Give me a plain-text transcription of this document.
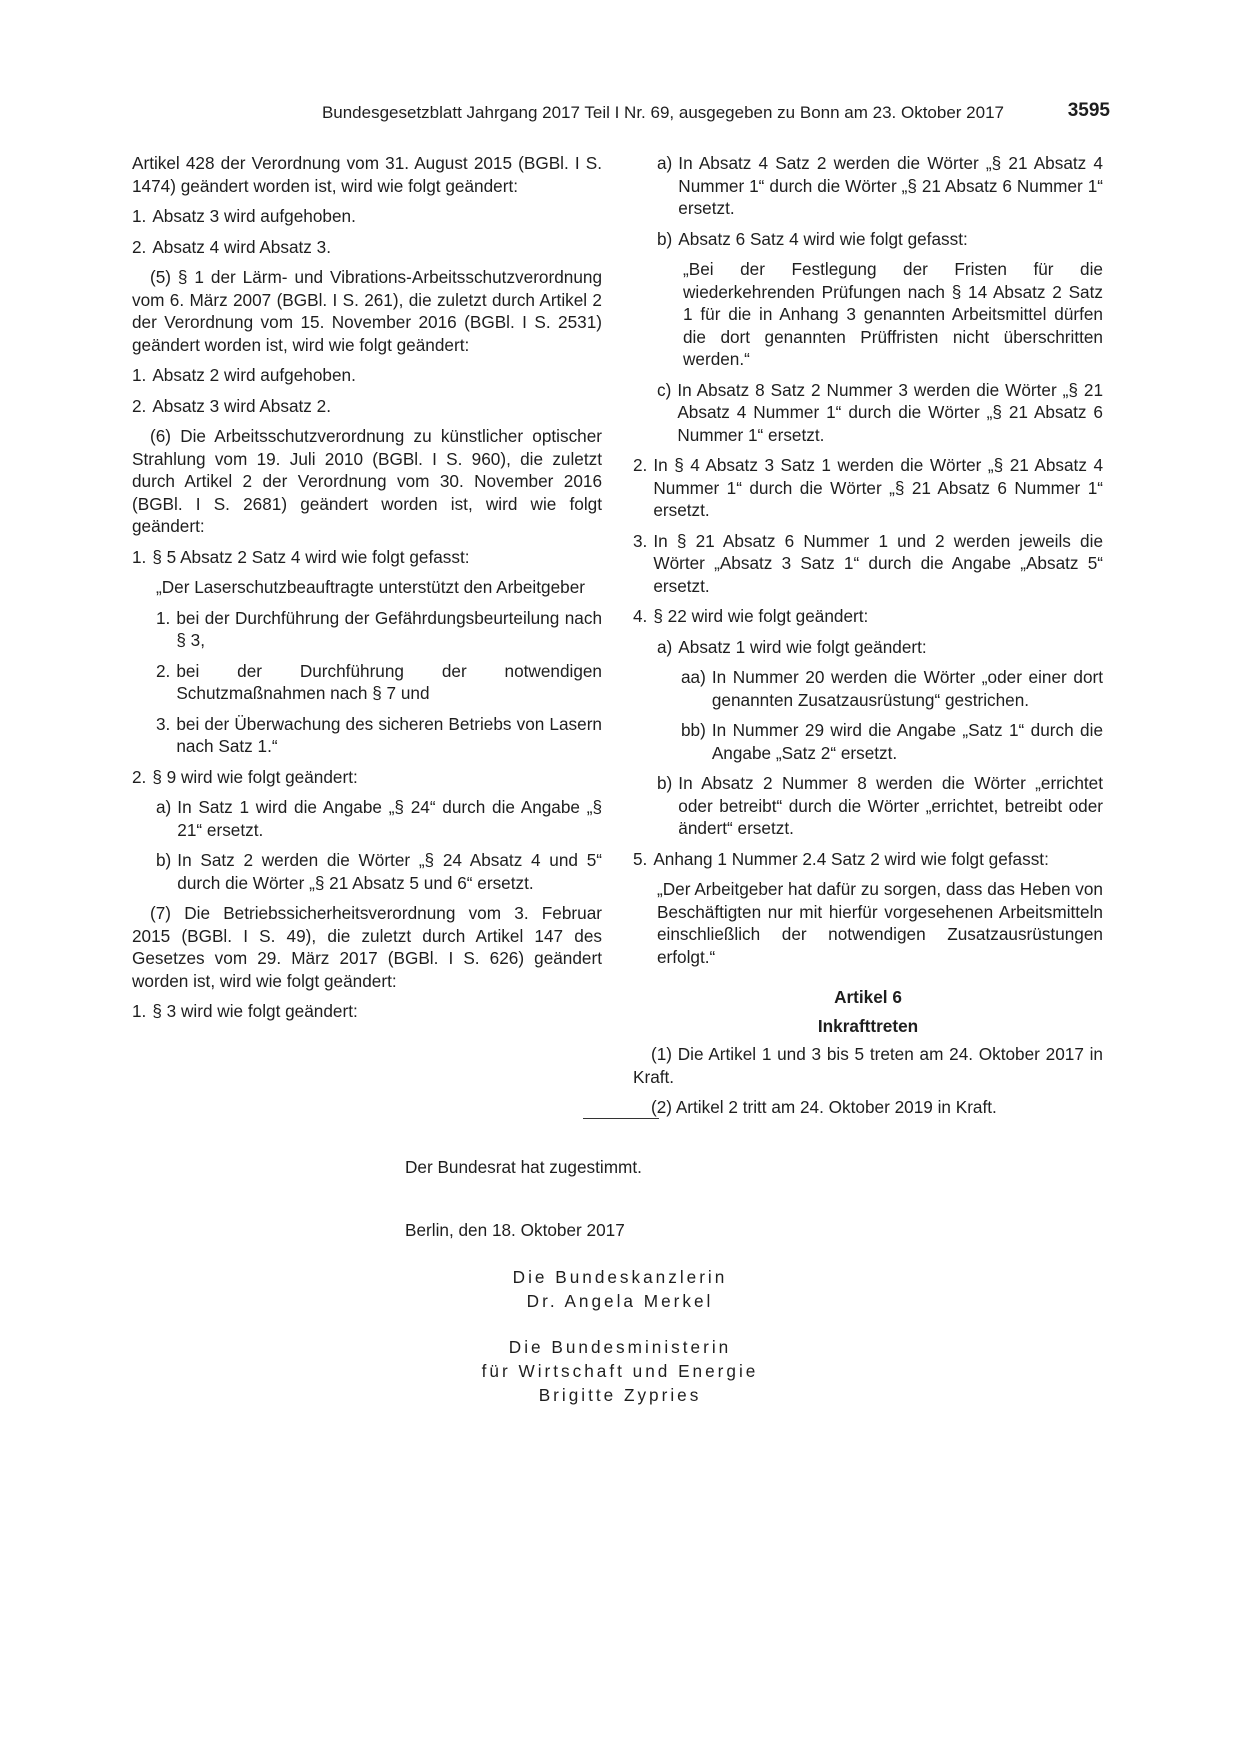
Bundesgesetzblatt Jahrgang 2017 Teil I Nr. 69, ausgegeben zu Bonn am 23. Oktober 2017	3595

Artikel 428 der Verordnung vom 31. August 2015 (BGBl. I S. 1474) geändert worden ist, wird wie folgt geändert:

1. Absatz 3 wird aufgehoben.
2. Absatz 4 wird Absatz 3.

(5) § 1 der Lärm- und Vibrations-Arbeitsschutzverordnung vom 6. März 2007 (BGBl. I S. 261), die zuletzt durch Artikel 2 der Verordnung vom 15. November 2016 (BGBl. I S. 2531) geändert worden ist, wird wie folgt geändert:

1. Absatz 2 wird aufgehoben.
2. Absatz 3 wird Absatz 2.

(6) Die Arbeitsschutzverordnung zu künstlicher optischer Strahlung vom 19. Juli 2010 (BGBl. I S. 960), die zuletzt durch Artikel 2 der Verordnung vom 30. November 2016 (BGBl. I S. 2681) geändert worden ist, wird wie folgt geändert:

1. § 5 Absatz 2 Satz 4 wird wie folgt gefasst:

„Der Laserschutzbeauftragte unterstützt den Arbeitgeber

1. bei der Durchführung der Gefährdungsbeurteilung nach § 3,
2. bei der Durchführung der notwendigen Schutzmaßnahmen nach § 7 und
3. bei der Überwachung des sicheren Betriebs von Lasern nach Satz 1.“
2. § 9 wird wie folgt geändert:
a) In Satz 1 wird die Angabe „§ 24“ durch die Angabe „§ 21“ ersetzt.
b) In Satz 2 werden die Wörter „§ 24 Absatz 4 und 5“ durch die Wörter „§ 21 Absatz 5 und 6“ ersetzt.

(7) Die Betriebssicherheitsverordnung vom 3. Februar 2015 (BGBl. I S. 49), die zuletzt durch Artikel 147 des Gesetzes vom 29. März 2017 (BGBl. I S. 626) geändert worden ist, wird wie folgt geändert:

1. § 3 wird wie folgt geändert:
a) In Absatz 4 Satz 2 werden die Wörter „§ 21 Absatz 4 Nummer 1“ durch die Wörter „§ 21 Absatz 6 Nummer 1“ ersetzt.
b) Absatz 6 Satz 4 wird wie folgt gefasst:

„Bei der Festlegung der Fristen für die wiederkehrenden Prüfungen nach § 14 Absatz 2 Satz 1 für die in Anhang 3 genannten Arbeitsmittel dürfen die dort genannten Prüffristen nicht überschritten werden.“

c) In Absatz 8 Satz 2 Nummer 3 werden die Wörter „§ 21 Absatz 4 Nummer 1“ durch die Wörter „§ 21 Absatz 6 Nummer 1“ ersetzt.
2. In § 4 Absatz 3 Satz 1 werden die Wörter „§ 21 Absatz 4 Nummer 1“ durch die Wörter „§ 21 Absatz 6 Nummer 1“ ersetzt.
3. In § 21 Absatz 6 Nummer 1 und 2 werden jeweils die Wörter „Absatz 3 Satz 1“ durch die Angabe „Absatz 5“ ersetzt.
4. § 22 wird wie folgt geändert:
a) Absatz 1 wird wie folgt geändert:
aa) In Nummer 20 werden die Wörter „oder einer dort genannten Zusatzausrüstung“ gestrichen.
bb) In Nummer 29 wird die Angabe „Satz 1“ durch die Angabe „Satz 2“ ersetzt.
b) In Absatz 2 Nummer 8 werden die Wörter „errichtet oder betreibt“ durch die Wörter „errichtet, betreibt oder ändert“ ersetzt.
5. Anhang 1 Nummer 2.4 Satz 2 wird wie folgt gefasst:

„Der Arbeitgeber hat dafür zu sorgen, dass das Heben von Beschäftigten nur mit hierfür vorgesehenen Arbeitsmitteln einschließlich der notwendigen Zusatzausrüstungen erfolgt.“

Artikel 6
Inkrafttreten

(1) Die Artikel 1 und 3 bis 5 treten am 24. Oktober 2017 in Kraft.

(2) Artikel 2 tritt am 24. Oktober 2019 in Kraft.

Der Bundesrat hat zugestimmt.
Berlin, den 18. Oktober 2017
Die Bundeskanzlerin
Dr. Angela Merkel
Die Bundesministerin
für Wirtschaft und Energie
Brigitte Zypries
